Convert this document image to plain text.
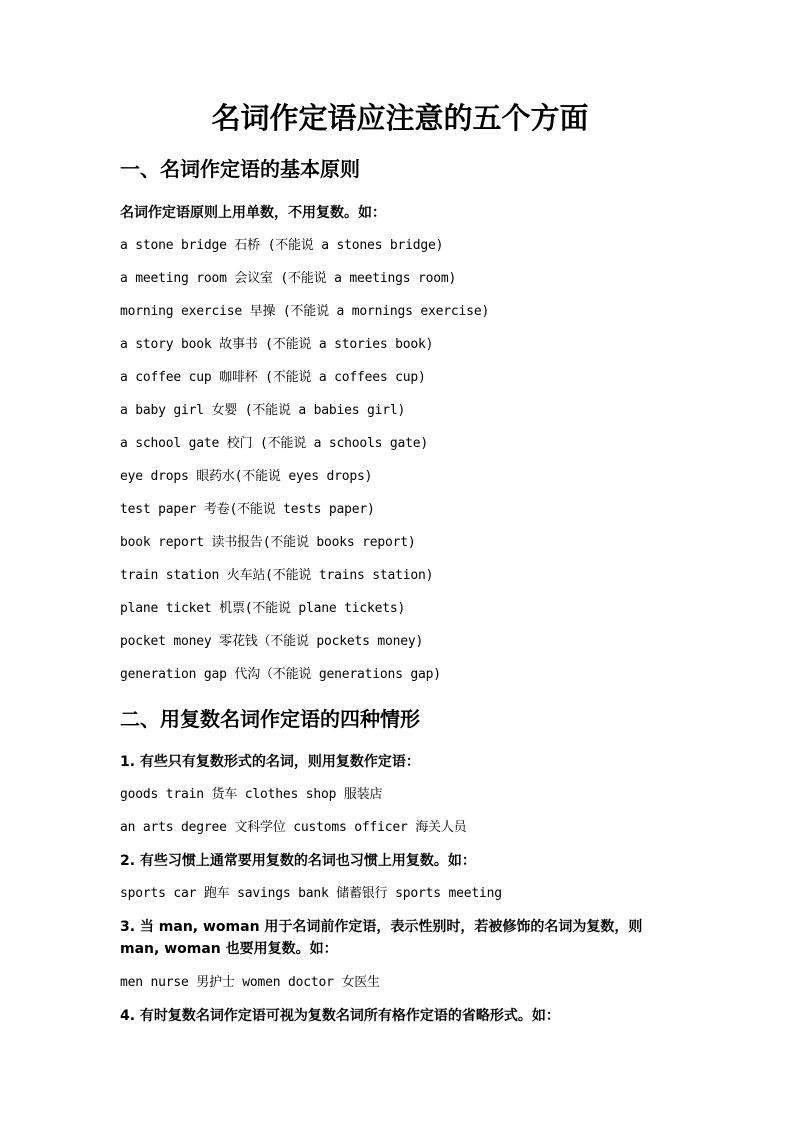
名词作定语应注意的五个方面
一、名词作定语的基本原则
名词作定语原则上用单数，不用复数。如：
a stone bridge 石桥 (不能说 a stones bridge)
a meeting room 会议室 (不能说 a meetings room)
morning exercise 早操 (不能说 a mornings exercise)
a story book 故事书 (不能说 a stories book)
a coffee cup 咖啡杯 (不能说 a coffees cup)
a baby girl 女婴 (不能说 a babies girl)
a school gate 校门 (不能说 a schools gate)
eye drops 眼药水(不能说 eyes drops)
test paper 考卷(不能说 tests paper)
book report 读书报告(不能说 books report)
train station 火车站(不能说 trains station)
plane ticket 机票(不能说 plane tickets)
pocket money 零花钱（不能说 pockets money)
generation gap 代沟（不能说 generations gap)
二、用复数名词作定语的四种情形
1. 有些只有复数形式的名词，则用复数作定语：
goods train 货车 clothes shop 服装店
an arts degree 文科学位 customs officer 海关人员
2. 有些习惯上通常要用复数的名词也习惯上用复数。如：
sports car 跑车 savings bank 储蓄银行 sports meeting
3. 当 man, woman 用于名词前作定语，表示性别时，若被修饰的名词为复数，则 man, woman 也要用复数。如：
men nurse 男护士 women doctor 女医生
4. 有时复数名词作定语可视为复数名词所有格作定语的省略形式。如：
